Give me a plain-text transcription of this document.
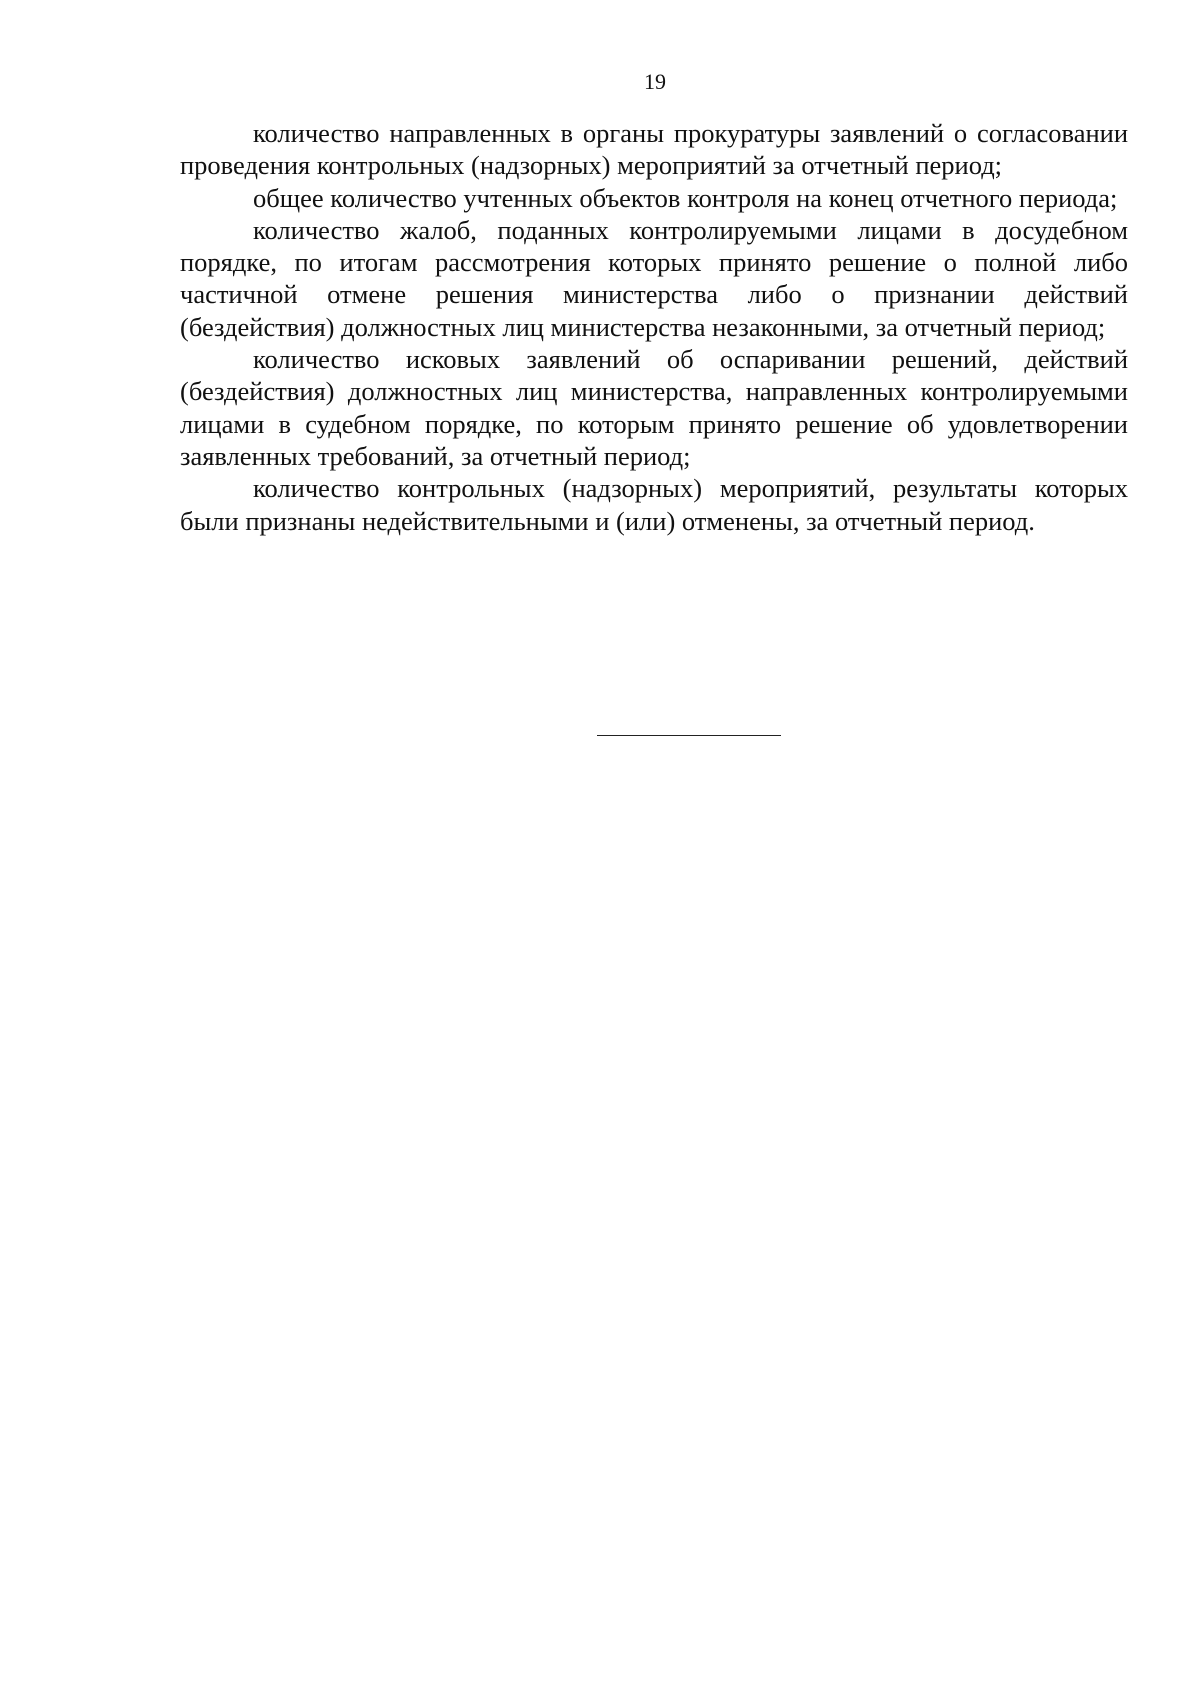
19

количество направленных в органы прокуратуры заявлений о согласовании проведения контрольных (надзорных) мероприятий за отчетный период;

общее количество учтенных объектов контроля на конец отчетного периода;

количество жалоб, поданных контролируемыми лицами в досудебном порядке, по итогам рассмотрения которых принято решение о полной либо частичной отмене решения министерства либо о признании действий (бездействия) должностных лиц министерства незаконными, за отчетный период;

количество исковых заявлений об оспаривании решений, действий (бездействия) должностных лиц министерства, направленных контролируемыми лицами в судебном порядке, по которым принято решение об удовлетворении заявленных требований, за отчетный период;

количество контрольных (надзорных) мероприятий, результаты которых были признаны недействительными и (или) отменены, за отчетный период.
